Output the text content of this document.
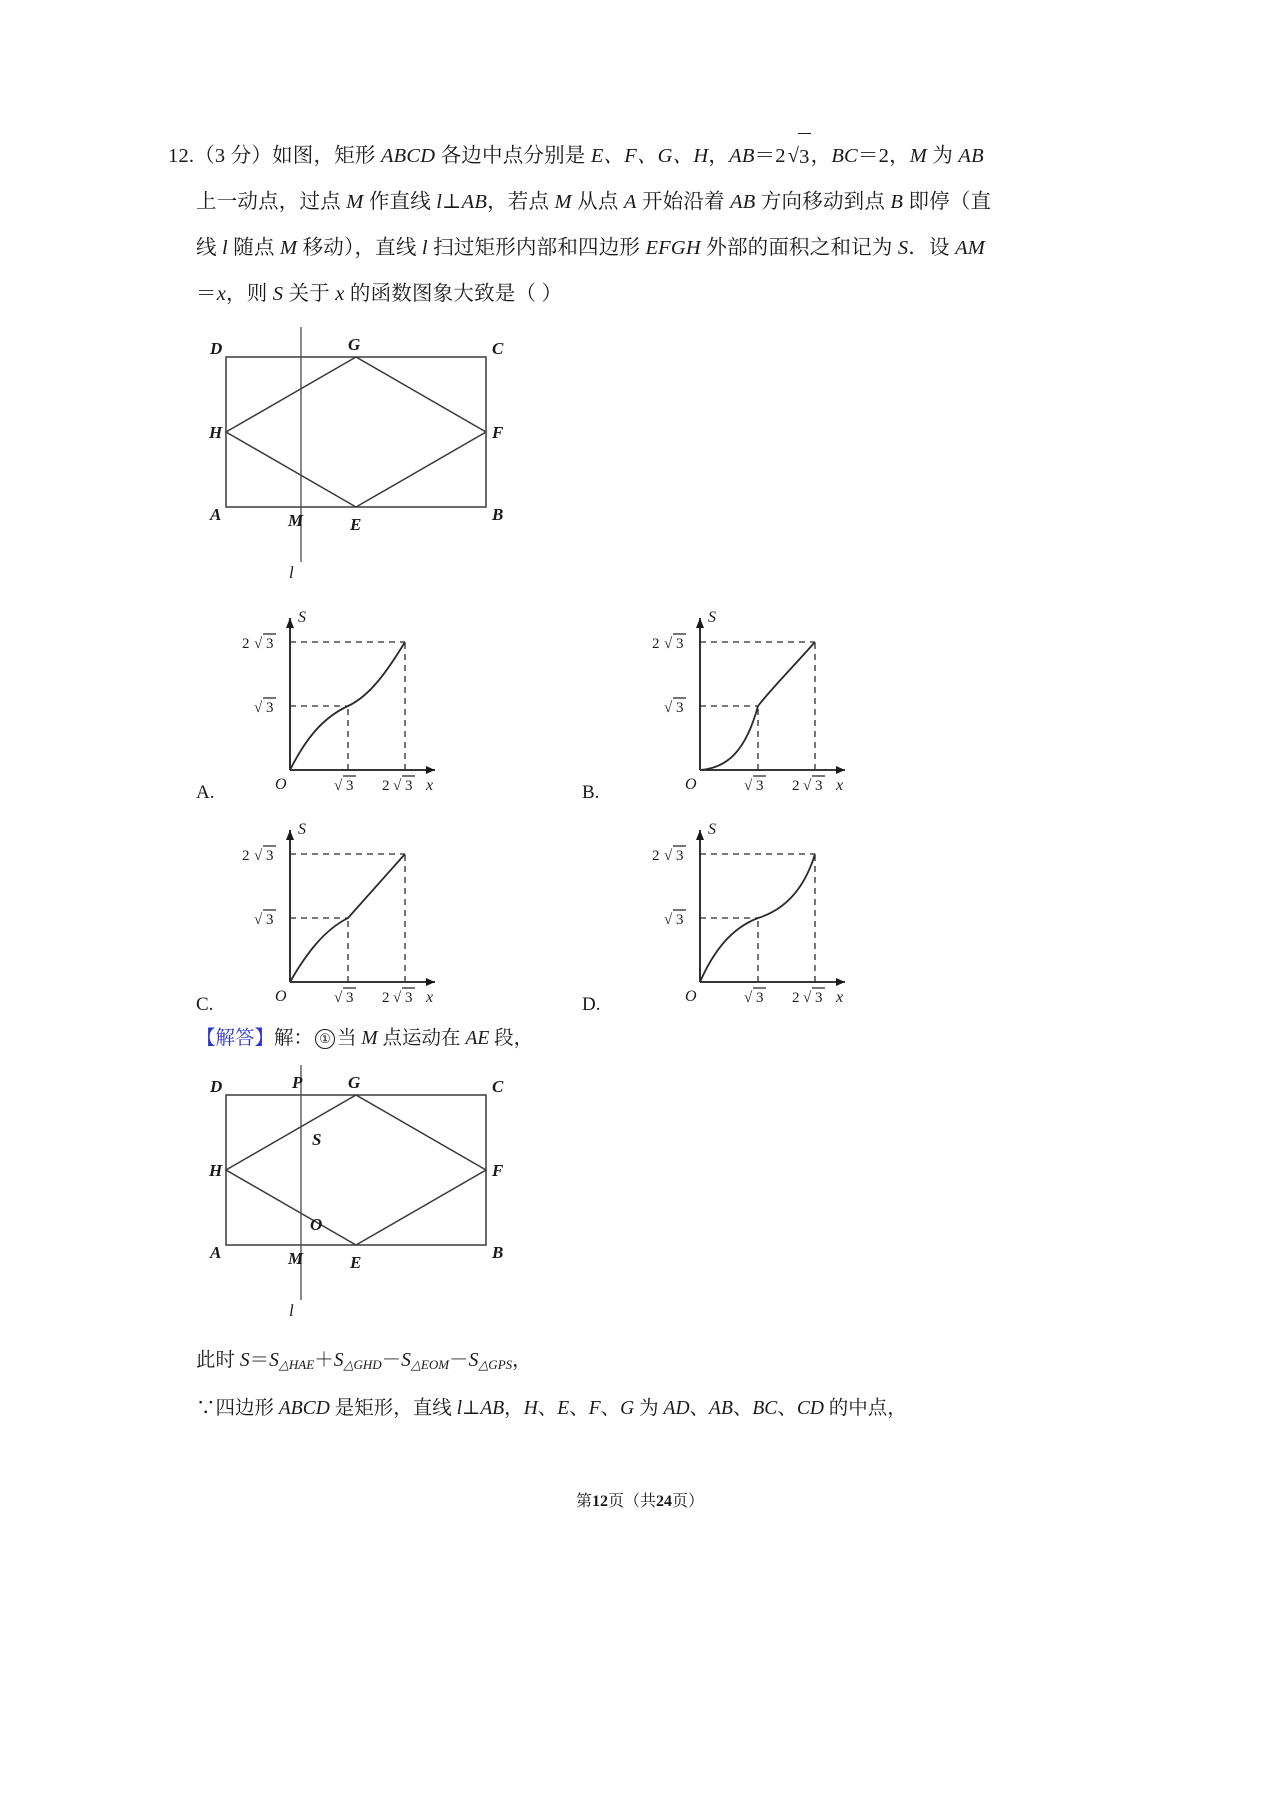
12.（3 分）如图，矩形 ABCD 各边中点分别是 E、F、G、H，AB＝2√3，BC＝2，M 为 AB
上一动点，过点 M 作直线 l⊥AB，若点 M 从点 A 开始沿着 AB 方向移动到点 B 即停（直
线 l 随点 M 移动），直线 l 扫过矩形内部和四边形 EFGH 外部的面积之和记为 S．设 AM
＝x，则 S 关于 x 的函数图象大致是（ ）
D	C
H	F
G
A	B
M	E
l
S
x
O
2 √ 3
√ 3
√ 3 2 √ 3
S
x
O
2 √ 3
√ 3
√ 3 2 √ 3
S
x
O
2 √ 3
√ 3
√ 3 2 √ 3
S
x
O
2 √ 3
√ 3
√ 3 2 √ 3
A.	B.
C.	D.
【解答】解： ① 当 M 点运动在 AE 段，
D	C
H	F
G
A	B
M	E
P
S
O
l
此时 $S=S_{\triangle HAE}+S_{\triangle GHD}-S_{\triangle EOM}-S_{\triangle GPS}$，
∵四边形 ABCD 是矩形，直线 l⊥AB，H、E、F、G 为 AD、AB、BC、CD 的中点，
第12页（共24页）
